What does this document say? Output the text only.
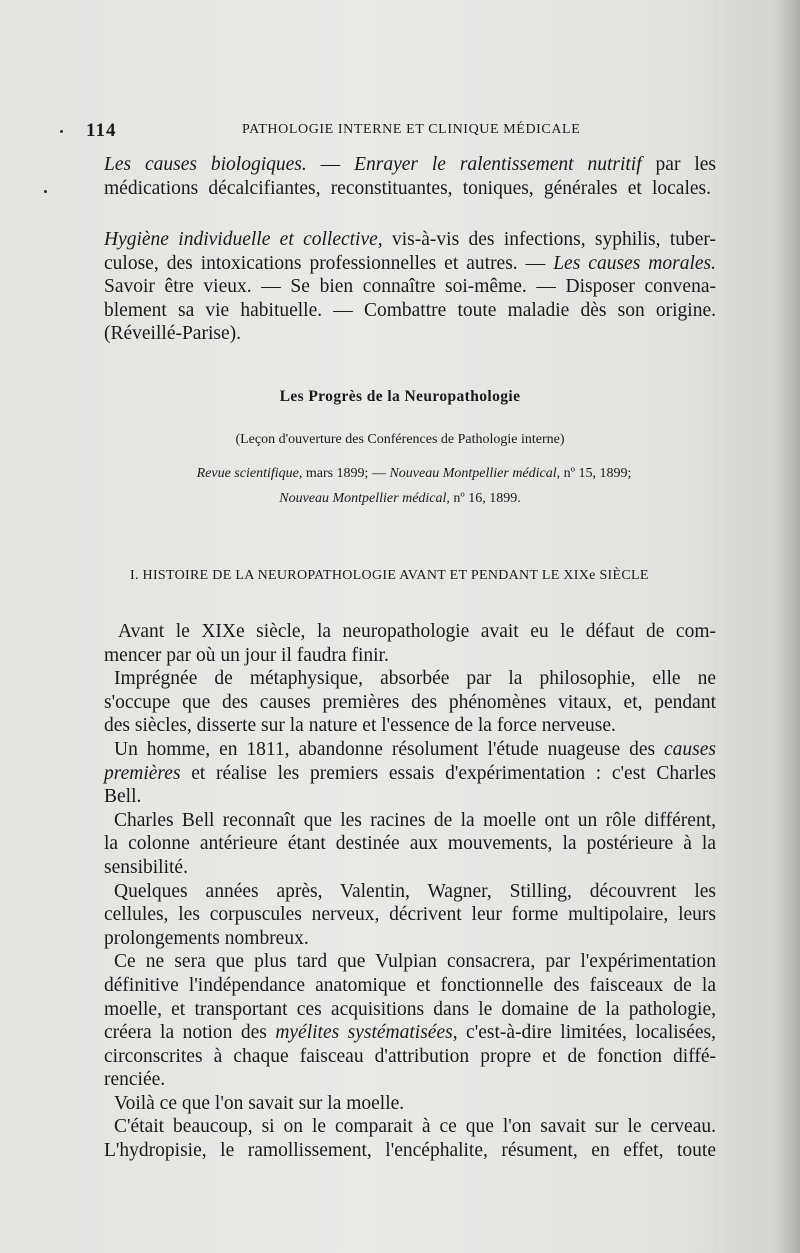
114	PATHOLOGIE INTERNE ET CLINIQUE MÉDICALE
Les causes biologiques. — Enrayer le ralentissement nutritif par les
médications décalcifiantes, reconstituantes, toniques, générales et locales.
Hygiène individuelle et collective, vis-à-vis des infections, syphilis, tuber-
culose, des intoxications professionnelles et autres. — Les causes morales.
Savoir être vieux. — Se bien connaître soi-même. — Disposer convena-
blement sa vie habituelle. — Combattre toute maladie dès son origine.
(Réveillé-Parise).
Les Progrès de la Neuropathologie
(Leçon d'ouverture des Conférences de Pathologie interne)
Revue scientifique, mars 1899; — Nouveau Montpellier médical, nº 15, 1899;
Nouveau Montpellier médical, nº 16, 1899.
I. HISTOIRE DE LA NEUROPATHOLOGIE AVANT ET PENDANT LE XIXe SIÈCLE
Avant le XIXe siècle, la neuropathologie avait eu le défaut de com-
mencer par où un jour il faudra finir.
Imprégnée de métaphysique, absorbée par la philosophie, elle ne
s'occupe que des causes premières des phénomènes vitaux, et, pendant
des siècles, disserte sur la nature et l'essence de la force nerveuse.
Un homme, en 1811, abandonne résolument l'étude nuageuse des causes
premières et réalise les premiers essais d'expérimentation : c'est Charles
Bell.
Charles Bell reconnaît que les racines de la moelle ont un rôle différent,
la colonne antérieure étant destinée aux mouvements, la postérieure à la
sensibilité.
Quelques années après, Valentin, Wagner, Stilling, découvrent les
cellules, les corpuscules nerveux, décrivent leur forme multipolaire, leurs
prolongements nombreux.
Ce ne sera que plus tard que Vulpian consacrera, par l'expérimentation
définitive l'indépendance anatomique et fonctionnelle des faisceaux de la
moelle, et transportant ces acquisitions dans le domaine de la pathologie,
créera la notion des myélites systématisées, c'est-à-dire limitées, localisées,
circonscrites à chaque faisceau d'attribution propre et de fonction diffé-
renciée.
Voilà ce que l'on savait sur la moelle.
C'était beaucoup, si on le comparait à ce que l'on savait sur le cerveau.
L'hydropisie, le ramollissement, l'encéphalite, résument, en effet, toute
